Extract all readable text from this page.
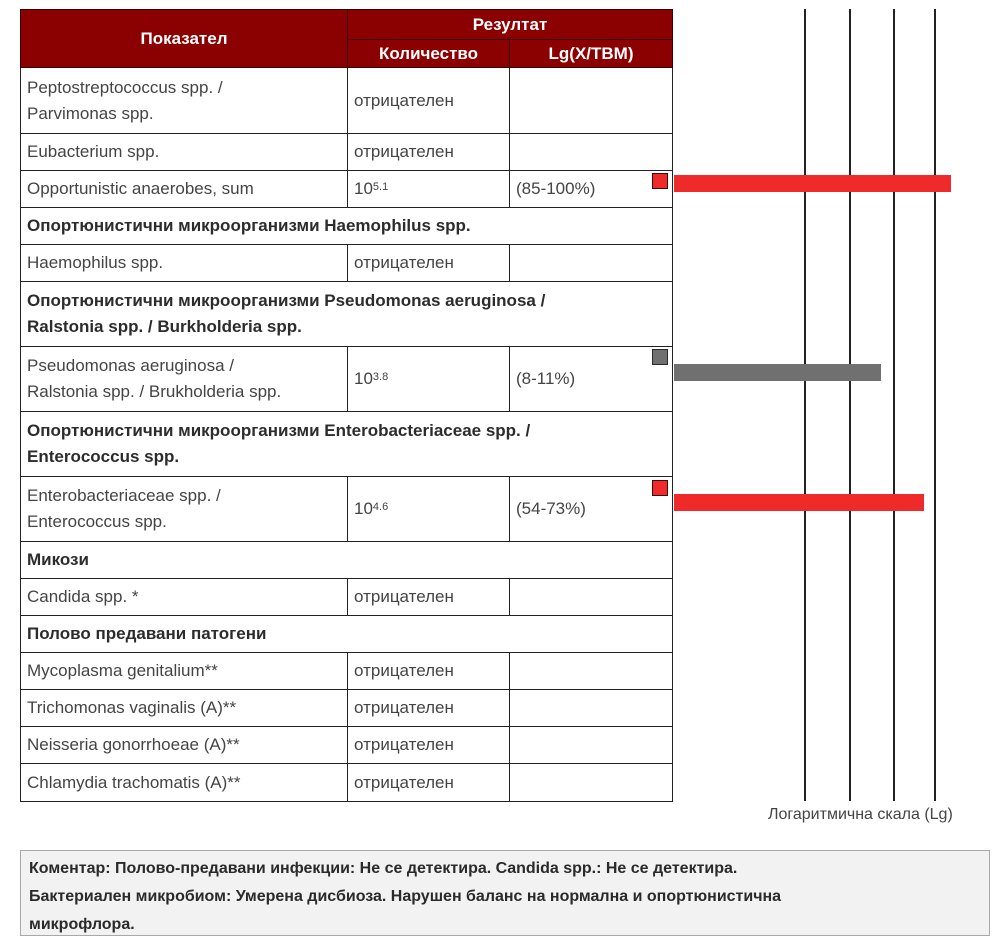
Показател	Резултат	
	Количество	Lg(X/ТВМ)
Peptostreptococcus spp. /
Parvimonas spp.	отрицателен	
Eubacterium spp.	отрицателен	
Opportunistic anaerobes, sum	$10^{5.1}$	(85-100%)
Опортюнистични микроорганизми Haemophilus spp.		
Haemophilus spp.	отрицателен	
Опортюнистични микроорганизми Pseudomonas aeruginosa /
Ralstonia spp. / Burkholderia spp.		
Pseudomonas aeruginosa /
Ralstonia spp. / Brukholderia spp.	$10^{3.8}$	(8-11%)
Опортюнистични микроорганизми Enterobacteriaceae spp. /
Enterococcus spp.		
Enterobacteriaceae spp. /
Enterococcus spp.	$10^{4.6}$	(54-73%)
Микози		
Candida spp. *	отрицателен	
Полово предавани патогени		
Mycoplasma genitalium**	отрицателен	
Trichomonas vaginalis (A)**	отрицателен	
Neisseria gonorrhoeae (A)**	отрицателен	
Chlamydia trachomatis (A)**	отрицателен	
Логаритмична скала (Lg)
Коментар: Полово-предавани инфекции: Не се детектира. Candida spp.: Не се детектира.
Бактериален микробиом: Умерена дисбиоза. Нарушен баланс на нормална и опортюнистична
микрофлора.
